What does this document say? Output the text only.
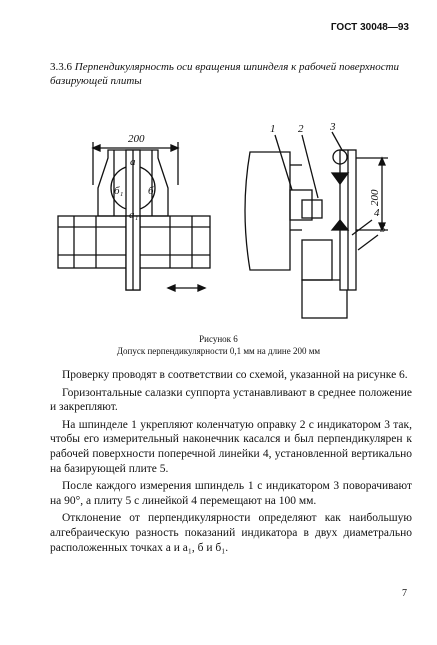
ГОСТ 30048—93
3.3.6 Перпендикулярность оси вращения шпинделя к рабочей поверхности базирующей плиты
200
а
а₁
б₁ б
1 2 3
4
5
200
Рисунок 6
Допуск перпендикулярности 0,1 мм на длине 200 мм

Проверку проводят в соответствии со схемой, указанной на рисунке 6.

Горизонтальные салазки суппорта устанавливают в среднее положение и закрепляют.

На шпинделе 1 укрепляют коленчатую оправку 2 с индикатором 3 так, чтобы его измерительный наконечник касался и был перпендикулярен к рабочей поверхности поперечной линейки 4, установленной вертикально на базирующей плите 5.

После каждого измерения шпиндель 1 с индикатором 3 поворачивают на 90°, а плиту 5 с линейкой 4 перемещают на 100 мм.

Отклонение от перпендикулярности определяют как наибольшую алгебраическую разность показаний индикатора в двух диаметрально расположенных точках а и а₁, б и б₁.

7
